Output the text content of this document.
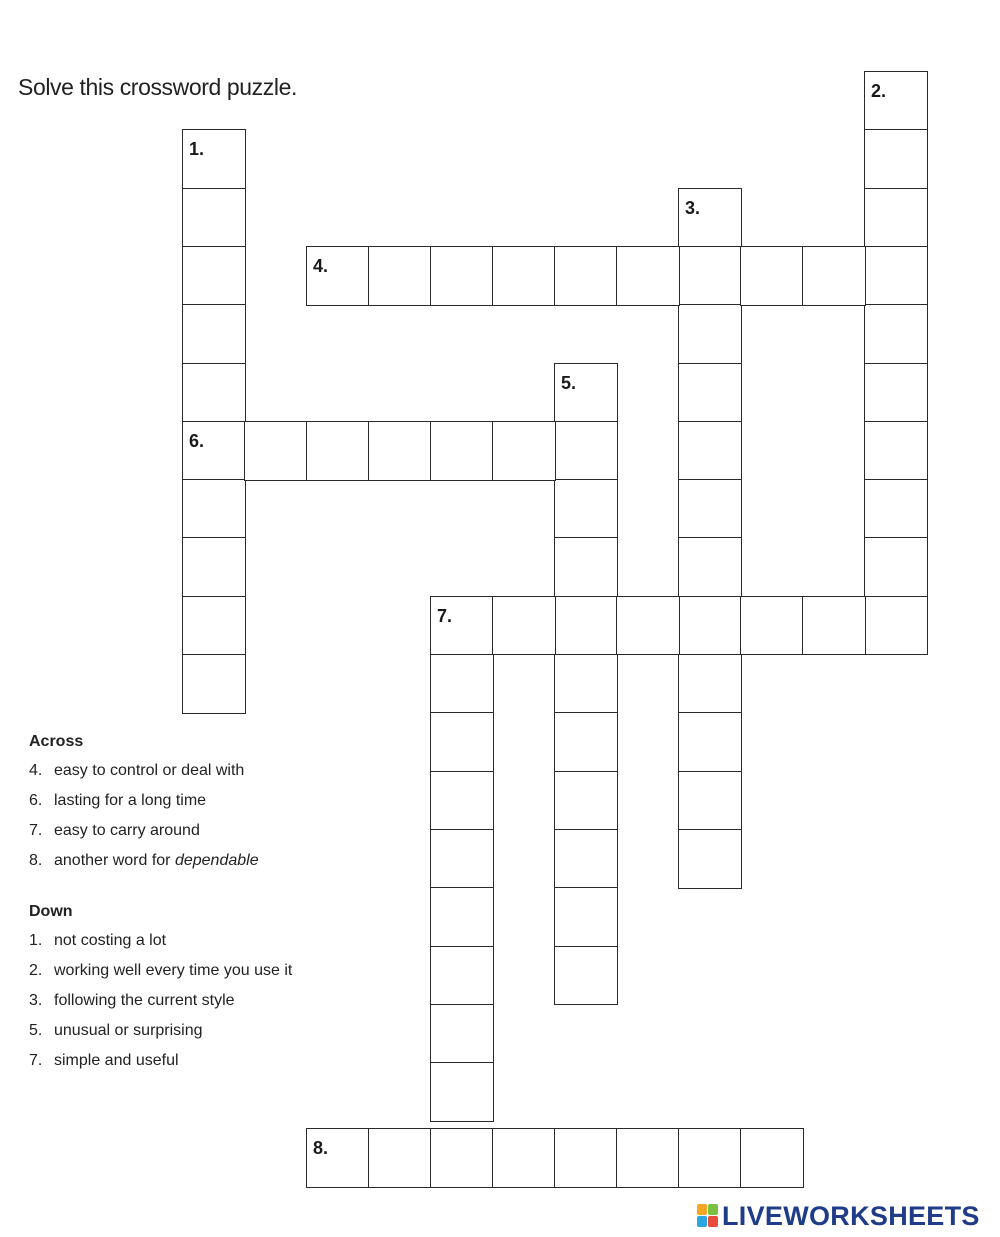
Solve this crossword puzzle.
1.
6.
2.
3.
4.
5.
7.
8.
Across
4. easy to control or deal with
6. lasting for a long time
7. easy to carry around
8. another word for dependable
Down
1. not costing a lot
2. working well every time you use it
3. following the current style
5. unusual or surprising
7. simple and useful
LIVEWORKSHEETS
